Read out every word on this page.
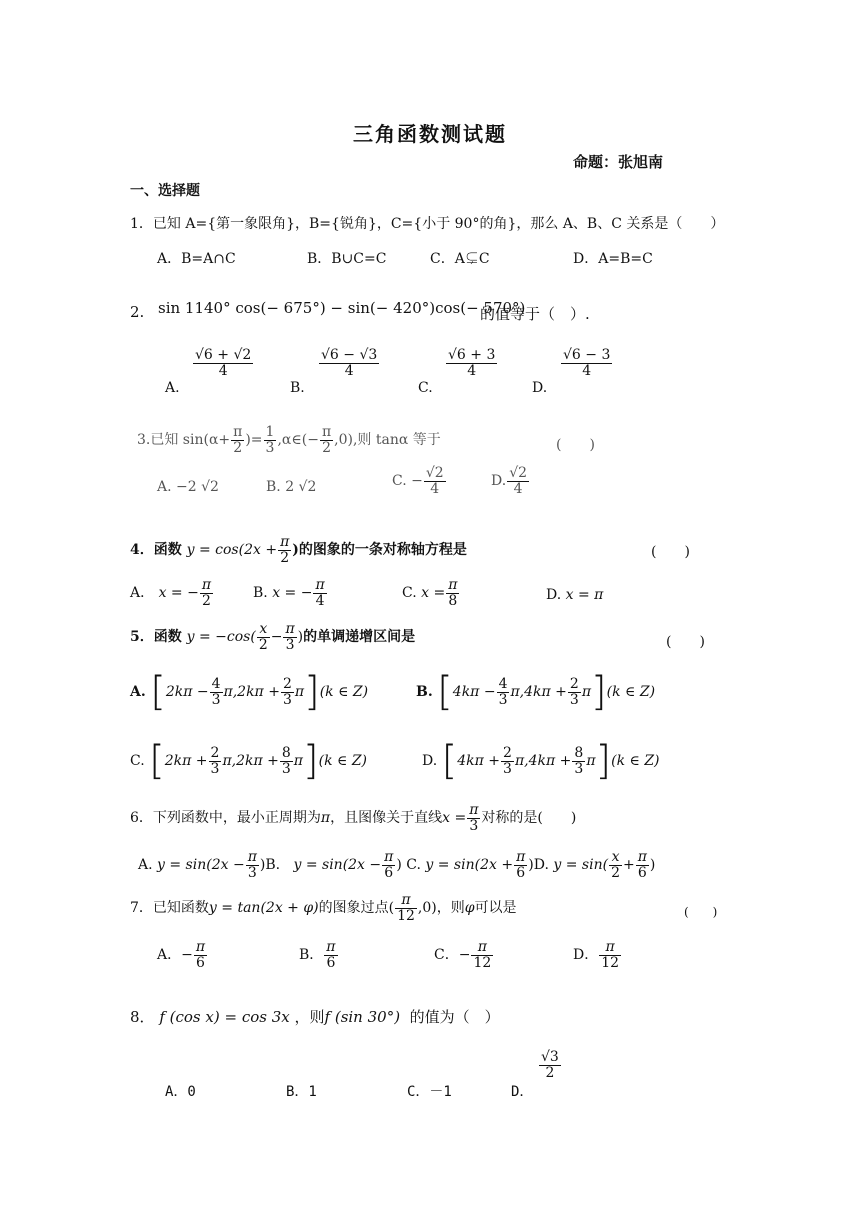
三角函数测试题
命题：张旭南
一、选择题
1．已知 A={第一象限角}，B={锐角}，C={小于 90°的角}，那么 A、B、C 关系是（　　）
A．B=A∩C	B．B∪C=C	C．A⊊C	D．A=B=C
2. sin 1140° cos(− 675°) − sin(− 420°)cos(− 570°)
的值等于（　）.
A.
$\frac{√6 + √2}{4}$
B.
$\frac{√6 - √3}{4}$
C.
$\frac{√6 + 3}{4}$
D.
$\frac{√6 - 3}{4}$
3.已知 $\sin(\alpha+ \frac{\pi}{2}$ )= $\frac{1}{3}$ ,α∈(− $\frac{\pi}{2} ,0$),则 tanα 等于	(　　)
A. −2 √2	B. 2 √2	C. − $\frac{√2}{4}$	D. $\frac{√2}{4}$
4．函数 $y = \cos(2x + \frac{\pi}{2}$ )的图象的一条对称轴方程是	(　　)
A． x = − $\frac{\pi}{2}$	B. x = − $\frac{\pi}{4}$	C. $x = \frac{\pi}{8}$	D. x = π
5．函数 $y = -\cos( \frac{x}{2} - \frac{\pi}{3}$ )的单调递增区间是	(　　)
A. $[2k\pi - \frac{4}{3} \pi,2k\pi + \frac{2}{3} \pi](k$ ∈ Z)	B. $[4k\pi - \frac{4}{3} \pi,4k\pi + \frac{2}{3} \pi](k$ ∈ Z)
C. $[2k\pi + \frac{2}{3} \pi,2k\pi + \frac{8}{3} \pi](k$ ∈ Z)	D. $[4k\pi + \frac{2}{3} \pi,4k\pi + \frac{8}{3} \pi](k$ ∈ Z)
6．下列函数中，最小正周期为π，且图像关于直线$x = \frac{\pi}{3}$ 对称的是(　　)
A. $y = \sin(2x - \frac{\pi}{3} )B$. $y = \sin(2x - \frac{\pi}{6}$ ) C. $y = \sin(2x + \frac{\pi}{6} )D$. $y = \sin( \frac{x}{2} + \frac{\pi}{6}$ )
7．已知函数y = tan(2x + φ)的图象过点( $\frac{\pi}{12} ,0$)，则φ可以是	(　　)
A．− $\frac{\pi}{6}$	B． $\frac{\pi}{6}$	C．− $\frac{\pi}{12}$	D． $\frac{\pi}{12}$
8． f (cos x) = cos 3x ，则f (sin 30°) 的值为（　）
A．0	B．1	C．－1	D．
$\frac{√3}{2}$
